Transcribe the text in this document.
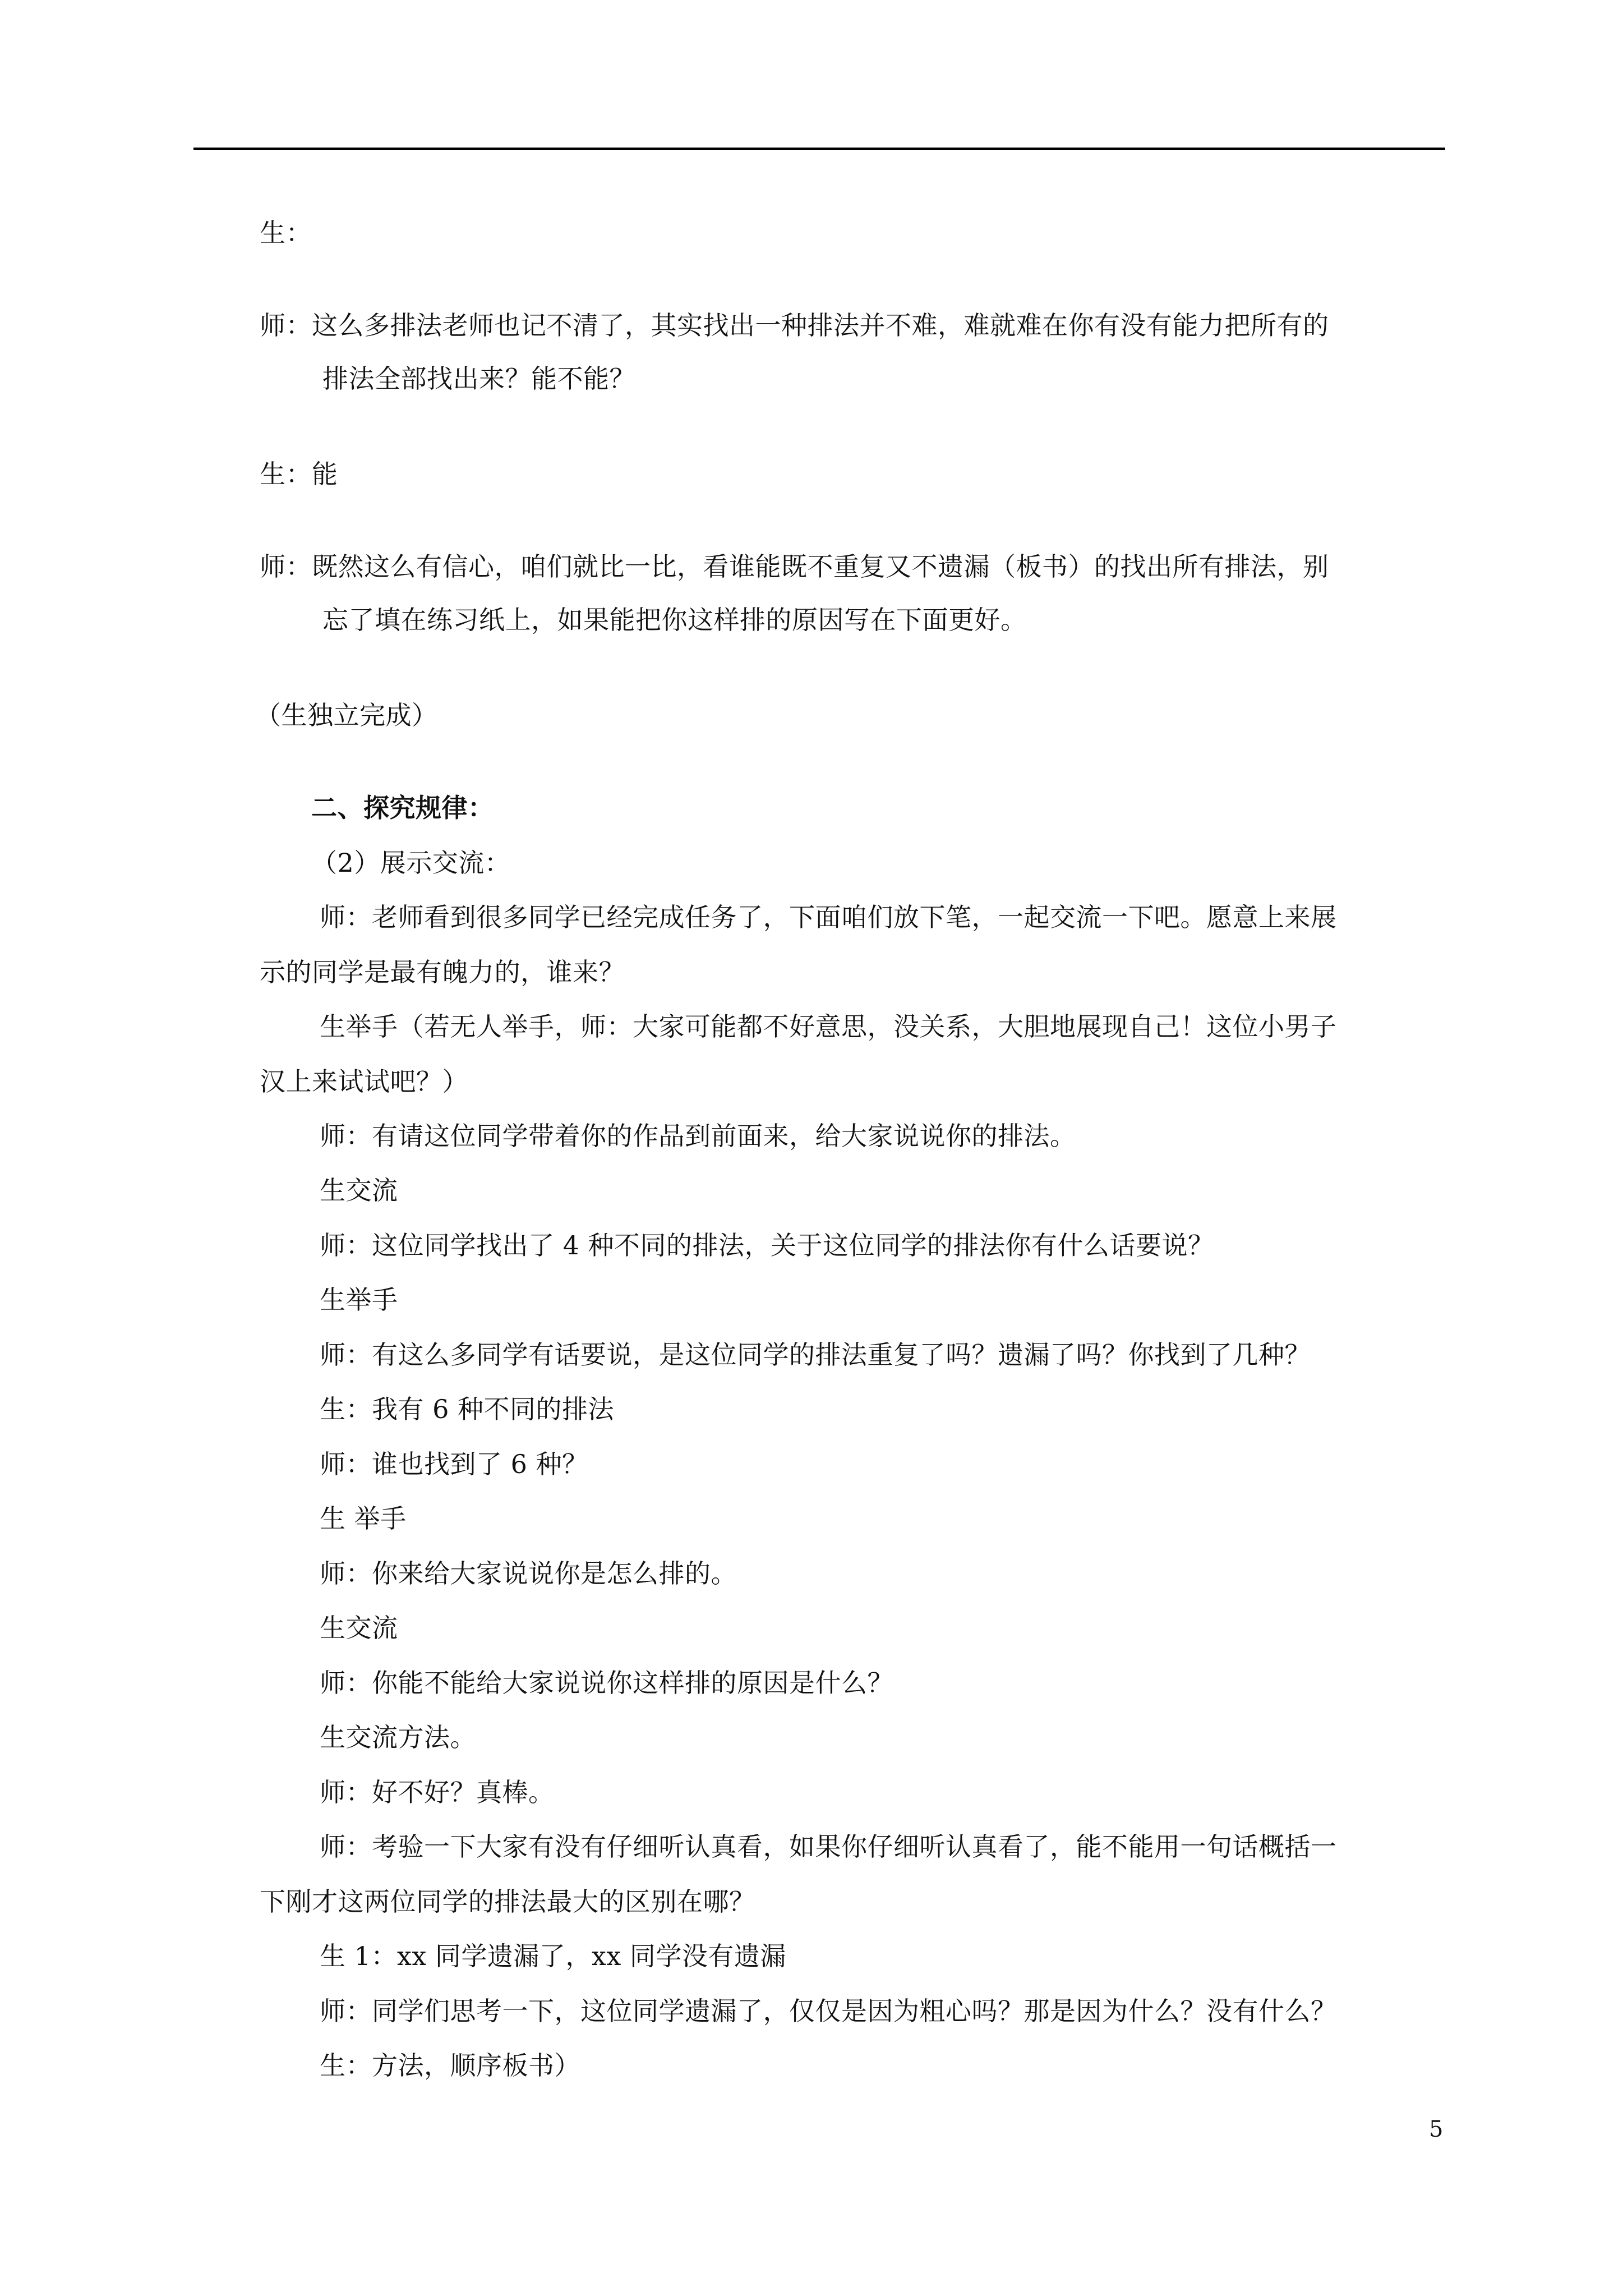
生：
师：这么多排法老师也记不清了，其实找出一种排法并不难，难就难在你有没有能力把所有的
排法全部找出来？能不能？
生：能
师：既然这么有信心，咱们就比一比，看谁能既不重复又不遗漏（板书）的找出所有排法，别
忘了填在练习纸上，如果能把你这样排的原因写在下面更好。
（生独立完成）
二、探究规律：
（2）展示交流：
师：老师看到很多同学已经完成任务了，下面咱们放下笔，一起交流一下吧。愿意上来展
示的同学是最有魄力的，谁来？
生举手（若无人举手，师：大家可能都不好意思，没关系，大胆地展现自己！这位小男子
汉上来试试吧？）
师：有请这位同学带着你的作品到前面来，给大家说说你的排法。
生交流
师：这位同学找出了 4 种不同的排法，关于这位同学的排法你有什么话要说？
生举手
师：有这么多同学有话要说，是这位同学的排法重复了吗？遗漏了吗？你找到了几种？
生：我有 6 种不同的排法
师：谁也找到了 6 种？
生 举手
师：你来给大家说说你是怎么排的。
生交流
师：你能不能给大家说说你这样排的原因是什么？
生交流方法。
师：好不好？真棒。
师：考验一下大家有没有仔细听认真看，如果你仔细听认真看了，能不能用一句话概括一
下刚才这两位同学的排法最大的区别在哪？
生 1：xx 同学遗漏了，xx 同学没有遗漏
师：同学们思考一下，这位同学遗漏了，仅仅是因为粗心吗？那是因为什么？没有什么？
生：方法，顺序板书）
5
